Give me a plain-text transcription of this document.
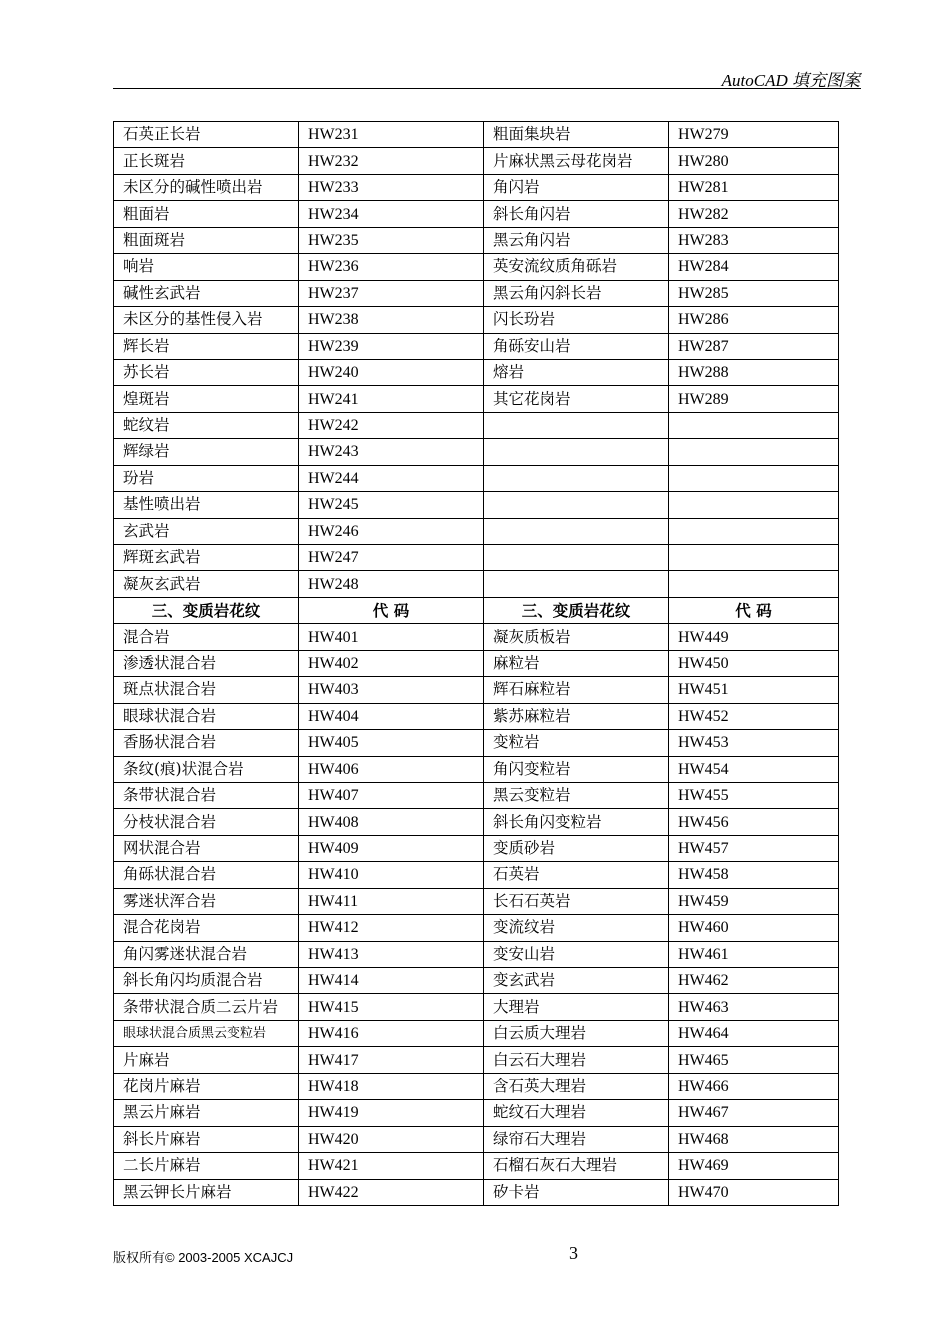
AutoCAD 填充图案
石英正长岩	HW231	粗面集块岩	HW279
正长斑岩	HW232	片麻状黑云母花岗岩	HW280
未区分的碱性喷出岩	HW233	角闪岩	HW281
粗面岩	HW234	斜长角闪岩	HW282
粗面斑岩	HW235	黑云角闪岩	HW283
响岩	HW236	英安流纹质角砾岩	HW284
碱性玄武岩	HW237	黑云角闪斜长岩	HW285
未区分的基性侵入岩	HW238	闪长玢岩	HW286
辉长岩	HW239	角砾安山岩	HW287
苏长岩	HW240	熔岩	HW288
煌斑岩	HW241	其它花岗岩	HW289
蛇纹岩	HW242		
辉绿岩	HW243		
玢岩	HW244		
基性喷出岩	HW245		
玄武岩	HW246		
辉斑玄武岩	HW247		
凝灰玄武岩	HW248		
三、变质岩花纹	代 码	三、变质岩花纹	代 码
混合岩	HW401	凝灰质板岩	HW449
渗透状混合岩	HW402	麻粒岩	HW450
斑点状混合岩	HW403	辉石麻粒岩	HW451
眼球状混合岩	HW404	紫苏麻粒岩	HW452
香肠状混合岩	HW405	变粒岩	HW453
条纹(痕)状混合岩	HW406	角闪变粒岩	HW454
条带状混合岩	HW407	黑云变粒岩	HW455
分枝状混合岩	HW408	斜长角闪变粒岩	HW456
网状混合岩	HW409	变质砂岩	HW457
角砾状混合岩	HW410	石英岩	HW458
雾迷状浑合岩	HW411	长石石英岩	HW459
混合花岗岩	HW412	变流纹岩	HW460
角闪雾迷状混合岩	HW413	变安山岩	HW461
斜长角闪均质混合岩	HW414	变玄武岩	HW462
条带状混合质二云片岩	HW415	大理岩	HW463
眼球状混合质黑云变粒岩	HW416	白云质大理岩	HW464
片麻岩	HW417	白云石大理岩	HW465
花岗片麻岩	HW418	含石英大理岩	HW466
黑云片麻岩	HW419	蛇纹石大理岩	HW467
斜长片麻岩	HW420	绿帘石大理岩	HW468
二长片麻岩	HW421	石榴石灰石大理岩	HW469
黑云钾长片麻岩	HW422	矽卡岩	HW470
版权所有© 2003-2005 XCAJCJ	3
